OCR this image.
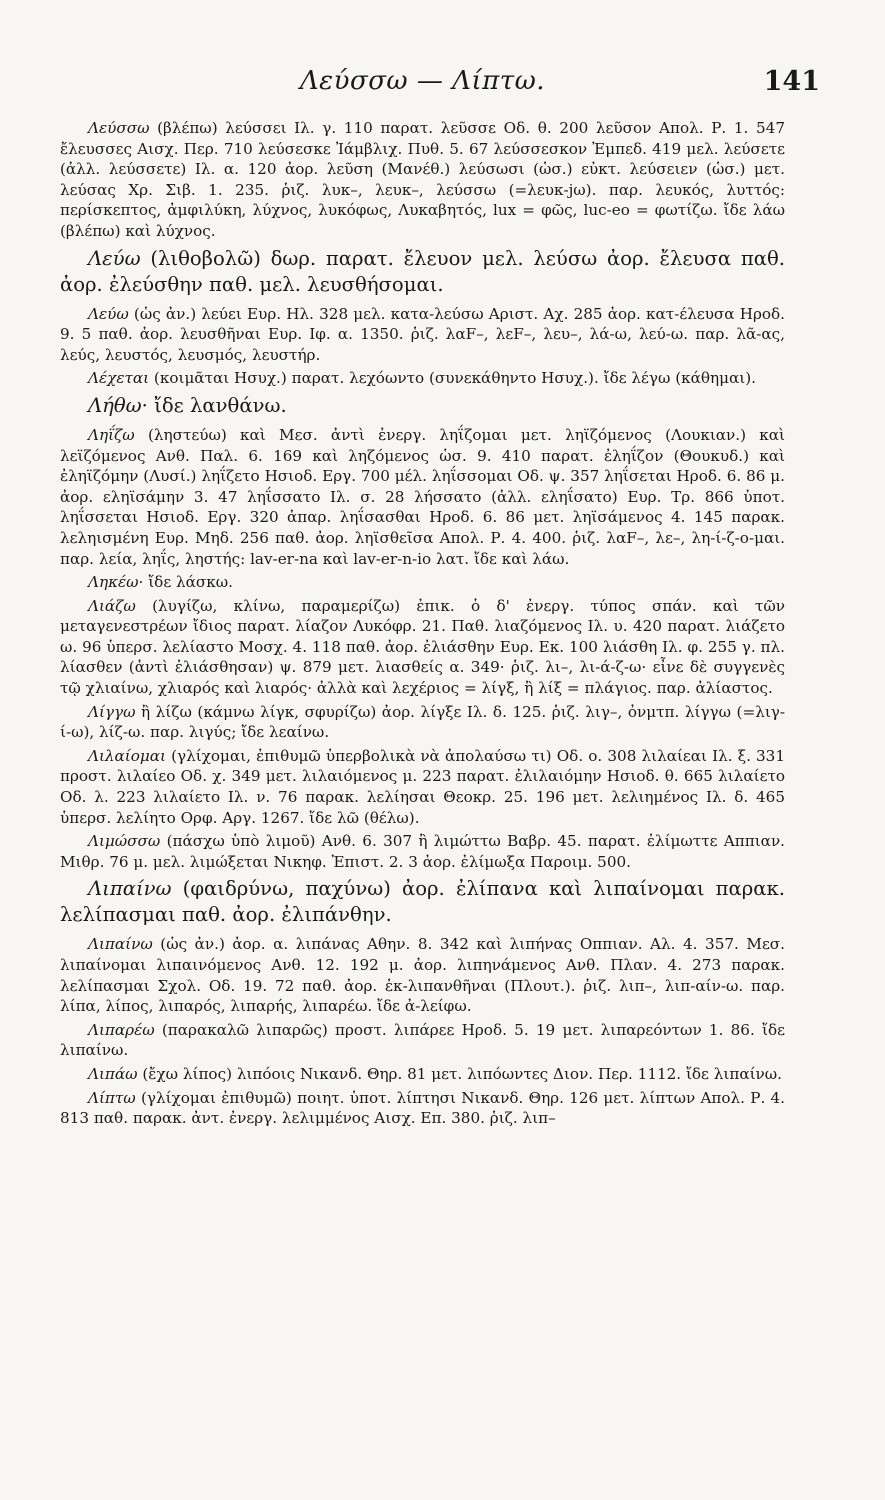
Λεύσσω — Λίπτω.	141

Λεύσσω (βλέπω) λεύσσει Ιλ. γ. 110 παρατ. λεῦσσε Οδ. θ. 200 λεῦσον Απολ. Ρ. 1. 547 ἔλευσσες Αισχ. Περ. 710 λεύσεσκε Ἰάμβλιχ. Πυθ. 5. 67 λεύσσεσκον Ἐμπεδ. 419 μελ. λεύσετε (ἀλλ. λεύσσετε) Ιλ. α. 120 ἀορ. λεῦση (Μανέθ.) λεύσωσι (ὡσ.) εὐκτ. λεύσειεν (ὡσ.) μετ. λεύσας Χρ. Σιβ. 1. 235. ῥιζ. λυκ–, λευκ–, λεύσσω (=λευκ-jω). παρ. λευκός, λυττός: περίσκεπτος, ἀμφιλύκη, λύχνος, λυκόφως, Λυκαβητός, lux = φῶς, luc-eo = φωτίζω. ἴδε λάω (βλέπω) καὶ λύχνος.

Λεύω (λιθοβολῶ) δωρ. παρατ. ἔλευον μελ. λεύσω ἀορ. ἔλευσα παθ. ἀορ. ἐλεύσθην παθ. μελ. λευσθήσομαι.

Λεύω (ὡς ἀν.) λεύει Ευρ. Ηλ. 328 μελ. κατα-λεύσω Αριστ. Αχ. 285 ἀορ. κατ-έλευσα Ηροδ. 9. 5 παθ. ἀορ. λευσθῆναι Ευρ. Ιφ. α. 1350. ῥιζ. λαF–, λεF–, λευ–, λά-ω, λεύ-ω. παρ. λᾶ-ας, λεύς, λευστός, λευσμός, λευστήρ.

Λέχεται (κοιμᾶται Ησυχ.) παρατ. λεχόωντο (συνεκάθηντο Ησυχ.). ἴδε λέγω (κάθημαι).

Λήθω· ἴδε λανθάνω.

Ληΐζω (ληστεύω) καὶ Μεσ. ἀντὶ ἐνεργ. ληΐζομαι μετ. ληϊζόμενος (Λουκιαν.) καὶ λεϊζόμενος Ανθ. Παλ. 6. 169 καὶ ληζόμενος ὡσ. 9. 410 παρατ. ἐληΐζον (Θουκυδ.) καὶ ἐληϊζόμην (Λυσί.) ληΐζετο Ησιοδ. Εργ. 700 μέλ. ληΐσσομαι Οδ. ψ. 357 ληΐσεται Ηροδ. 6. 86 μ. ἀορ. εληϊσάμην 3. 47 ληΐσσατο Ιλ. σ. 28 λήσσατο (ἀλλ. εληΐσατο) Ευρ. Τρ. 866 ὑποτ. ληΐσσεται Ησιοδ. Εργ. 320 ἀπαρ. ληΐσασθαι Ηροδ. 6. 86 μετ. ληϊσάμενος 4. 145 παρακ. λεληισμένη Ευρ. Μηδ. 256 παθ. ἀορ. ληϊσθεῖσα Απολ. Ρ. 4. 400. ῥιζ. λαF–, λε–, λη-ί-ζ-ο-μαι. παρ. λεία, ληΐς, ληστής: lav-er-na καὶ lav-er-n-io λατ. ἴδε καὶ λάω.

Ληκέω· ἴδε λάσκω.

Λιάζω (λυγίζω, κλίνω, παραμερίζω) ἐπικ. ὁ δ' ἐνεργ. τύπος σπάν. καὶ τῶν μεταγενεστρέων ἴδιος παρατ. λίαζον Λυκόφρ. 21. Παθ. λιαζόμενος Ιλ. υ. 420 παρατ. λιάζετο ω. 96 ὑπερσ. λελίαστο Μοσχ. 4. 118 παθ. ἀορ. ἐλιάσθην Ευρ. Εκ. 100 λιάσθη Ιλ. φ. 255 γ. πλ. λίασθεν (ἀντὶ ἐλιάσθησαν) ψ. 879 μετ. λιασθείς α. 349· ῥιζ. λι–, λι-ά-ζ-ω· εἶνε δὲ συγγενὲς τῷ χλιαίνω, χλιαρός καὶ λιαρός· ἀλλὰ καὶ λεχέριος = λίγξ, ἢ λίξ = πλάγιος. παρ. ἀλίαστος.

Λίγγω ἢ λίζω (κάμνω λίγκ, σφυρίζω) ἀορ. λίγξε Ιλ. δ. 125. ῥιζ. λιγ–, ὀνμτπ. λίγγω (=λιγ-ί-ω), λίζ-ω. παρ. λιγύς; ἴδε λεαίνω.

Λιλαίομαι (γλίχομαι, ἐπιθυμῶ ὑπερβολικὰ νὰ ἀπολαύσω τι) Οδ. ο. 308 λιλαίεαι Ιλ. ξ. 331 προστ. λιλαίεο Οδ. χ. 349 μετ. λιλαιόμενος μ. 223 παρατ. ἐλιλαιόμην Ησιοδ. θ. 665 λιλαίετο Οδ. λ. 223 λιλαίετο Ιλ. ν. 76 παρακ. λελίησαι Θεοκρ. 25. 196 μετ. λελιημένος Ιλ. δ. 465 ὑπερσ. λελίητο Ορφ. Αργ. 1267. ἴδε λῶ (θέλω).

Λιμώσσω (πάσχω ὑπὸ λιμοῦ) Ανθ. 6. 307 ἢ λιμώττω Βαβρ. 45. παρατ. ἐλίμωττε Αππιαν. Μιθρ. 76 μ. μελ. λιμώξεται Νικηφ. Ἐπιστ. 2. 3 ἀορ. ἐλίμωξα Παροιμ. 500.

Λιπαίνω (φαιδρύνω, παχύνω) ἀορ. ἐλίπανα καὶ λιπαίνομαι παρακ. λελίπασμαι παθ. ἀορ. ἐλιπάνθην.

Λιπαίνω (ὡς ἀν.) ἀορ. α. λιπάνας Αθην. 8. 342 καὶ λιπήνας Οππιαν. Αλ. 4. 357. Μεσ. λιπαίνομαι λιπαινόμενος Ανθ. 12. 192 μ. ἀορ. λιπηνάμενος Ανθ. Πλαν. 4. 273 παρακ. λελίπασμαι Σχολ. Οδ. 19. 72 παθ. ἀορ. ἐκ-λιπανθῆναι (Πλουτ.). ῥιζ. λιπ–, λιπ-αίν-ω. παρ. λίπα, λίπος, λιπαρός, λιπαρής, λιπαρέω. ἴδε ἀ-λείφω.

Λιπαρέω (παρακαλῶ λιπαρῶς) προστ. λιπάρεε Ηροδ. 5. 19 μετ. λιπαρεόντων 1. 86. ἴδε λιπαίνω.

Λιπάω (ἔχω λίπος) λιπόοις Νικανδ. Θηρ. 81 μετ. λιπόωντες Διον. Περ. 1112. ἴδε λιπαίνω.

Λίπτω (γλίχομαι ἐπιθυμῶ) ποιητ. ὑποτ. λίπτησι Νικανδ. Θηρ. 126 μετ. λίπτων Απολ. Ρ. 4. 813 παθ. παρακ. ἀντ. ἐνεργ. λελιμμένος Αισχ. Επ. 380. ῥιζ. λιπ–
